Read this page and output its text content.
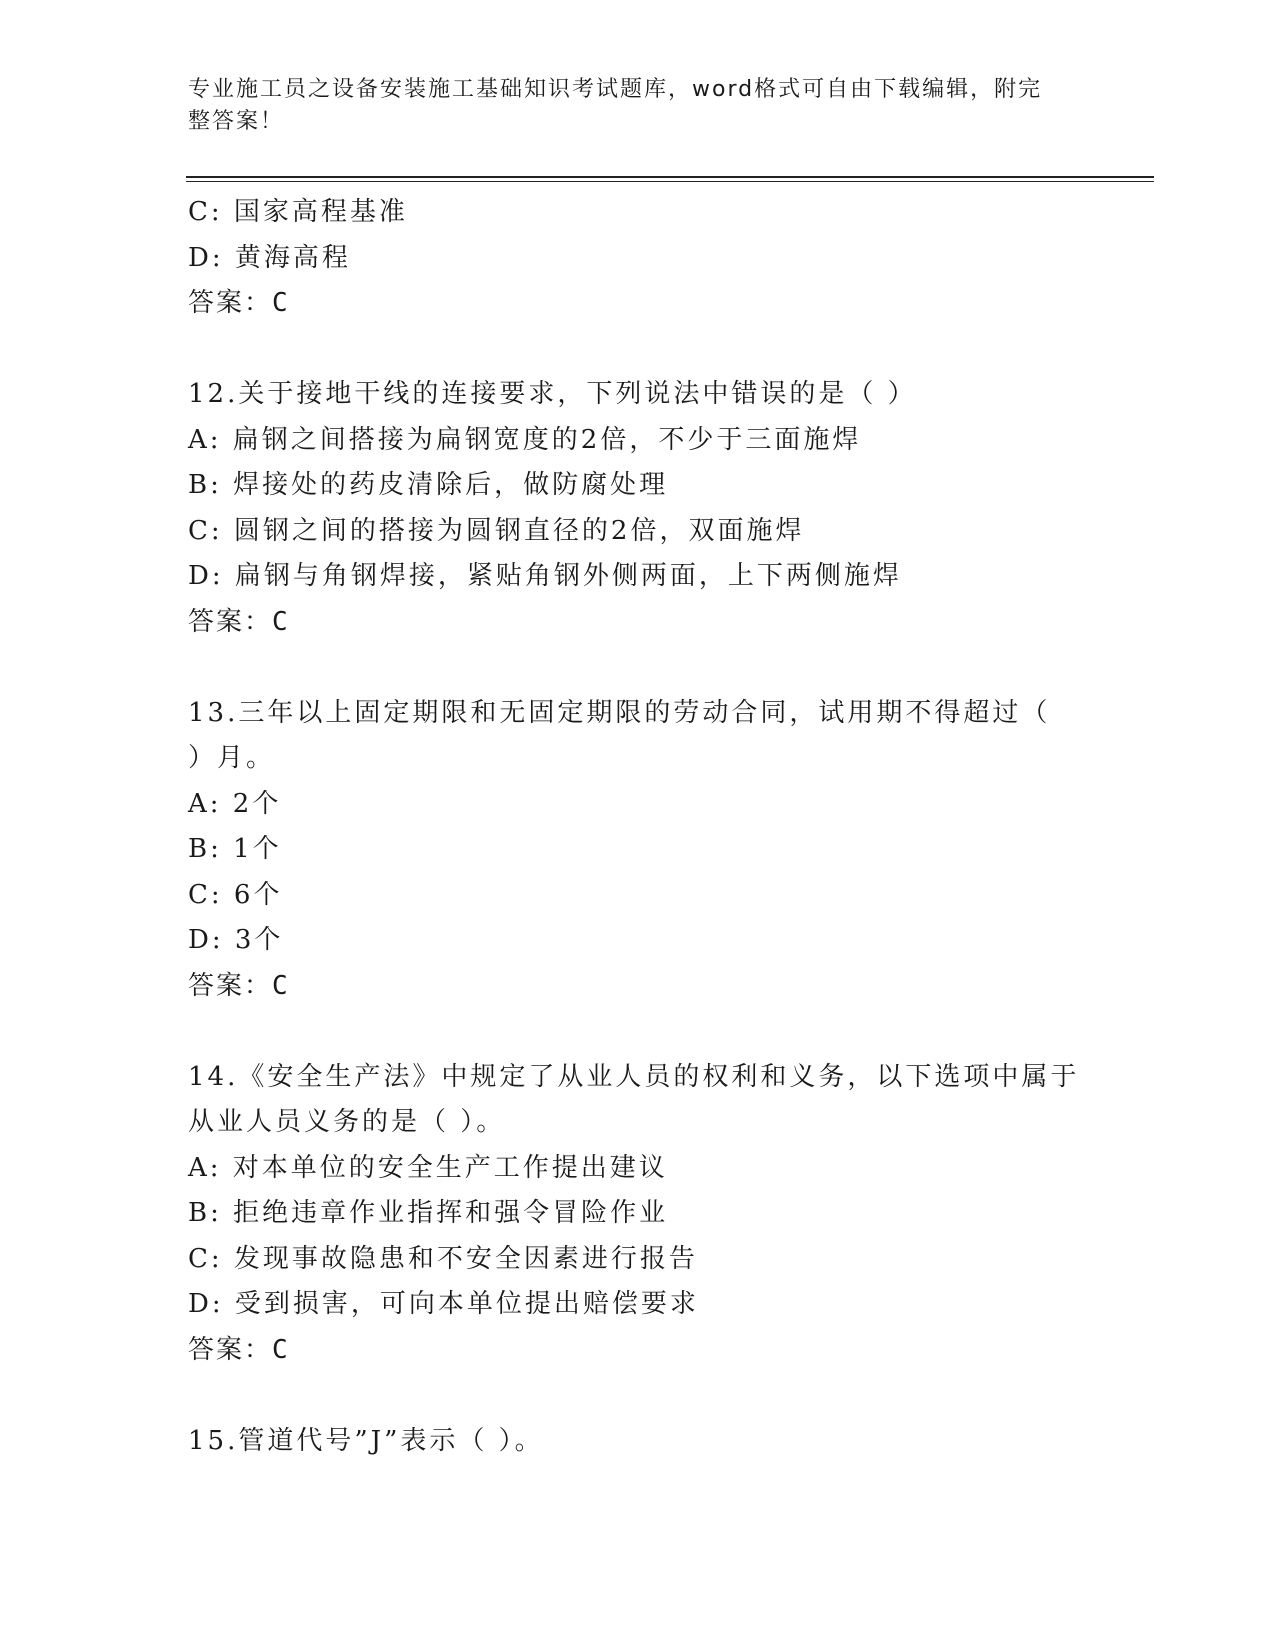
专业施工员之设备安装施工基础知识考试题库，word格式可自由下载编辑，附完
整答案！
C: 国家高程基准
D: 黄海高程
答案：C
12.关于接地干线的连接要求，下列说法中错误的是（ ）
A: 扁钢之间搭接为扁钢宽度的2倍，不少于三面施焊
B: 焊接处的药皮清除后，做防腐处理
C: 圆钢之间的搭接为圆钢直径的2倍，双面施焊
D: 扁钢与角钢焊接，紧贴角钢外侧两面，上下两侧施焊
答案：C
13.三年以上固定期限和无固定期限的劳动合同，试用期不得超过（
）月。
A: 2个
B: 1个
C: 6个
D: 3个
答案：C
14.《安全生产法》中规定了从业人员的权利和义务，以下选项中属于
从业人员义务的是（ ）。
A: 对本单位的安全生产工作提出建议
B: 拒绝违章作业指挥和强令冒险作业
C: 发现事故隐患和不安全因素进行报告
D: 受到损害，可向本单位提出赔偿要求
答案：C
15.管道代号”J”表示（ ）。
